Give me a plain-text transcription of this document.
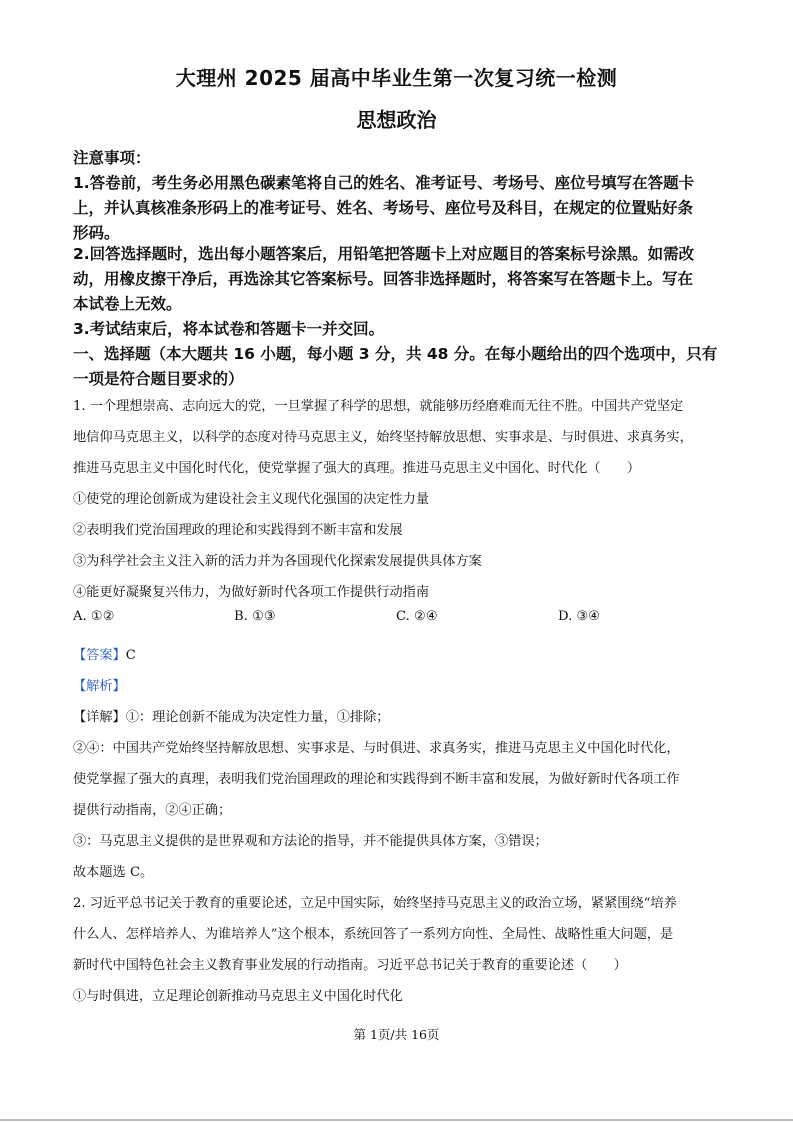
大理州 2025 届高中毕业生第一次复习统一检测
思想政治
注意事项：
1.答卷前，考生务必用黑色碳素笔将自己的姓名、准考证号、考场号、座位号填写在答题卡
上，并认真核准条形码上的准考证号、姓名、考场号、座位号及科目，在规定的位置贴好条
形码。
2.回答选择题时，选出每小题答案后，用铅笔把答题卡上对应题目的答案标号涂黑。如需改
动，用橡皮擦干净后，再选涂其它答案标号。回答非选择题时，将答案写在答题卡上。写在
本试卷上无效。
3.考试结束后，将本试卷和答题卡一并交回。
一、选择题（本大题共 16 小题，每小题 3 分，共 48 分。在每小题给出的四个选项中，只有
一项是符合题目要求的）
1. 一个理想崇高、志向远大的党，一旦掌握了科学的思想，就能够历经磨难而无往不胜。中国共产党坚定
地信仰马克思主义，以科学的态度对待马克思主义，始终坚持解放思想、实事求是、与时俱进、求真务实，
推进马克思主义中国化时代化，使党掌握了强大的真理。推进马克思主义中国化、时代化（　　）
①使党的理论创新成为建设社会主义现代化强国的决定性力量
②表明我们党治国理政的理论和实践得到不断丰富和发展
③为科学社会主义注入新的活力并为各国现代化探索发展提供具体方案
④能更好凝聚复兴伟力，为做好新时代各项工作提供行动指南
A. ①②	B. ①③	C. ②④	D. ③④
【答案】C
【解析】
【详解】①：理论创新不能成为决定性力量，①排除；
②④：中国共产党始终坚持解放思想、实事求是、与时俱进、求真务实，推进马克思主义中国化时代化，
使党掌握了强大的真理，表明我们党治国理政的理论和实践得到不断丰富和发展，为做好新时代各项工作
提供行动指南，②④正确；
③：马克思主义提供的是世界观和方法论的指导，并不能提供具体方案，③错误；
故本题选 C。
2. 习近平总书记关于教育的重要论述，立足中国实际，始终坚持马克思主义的政治立场，紧紧围绕“培养
什么人、怎样培养人、为谁培养人”这个根本，系统回答了一系列方向性、全局性、战略性重大问题，是
新时代中国特色社会主义教育事业发展的行动指南。习近平总书记关于教育的重要论述（　　）
①与时俱进，立足理论创新推动马克思主义中国化时代化
第 1页/共 16页
